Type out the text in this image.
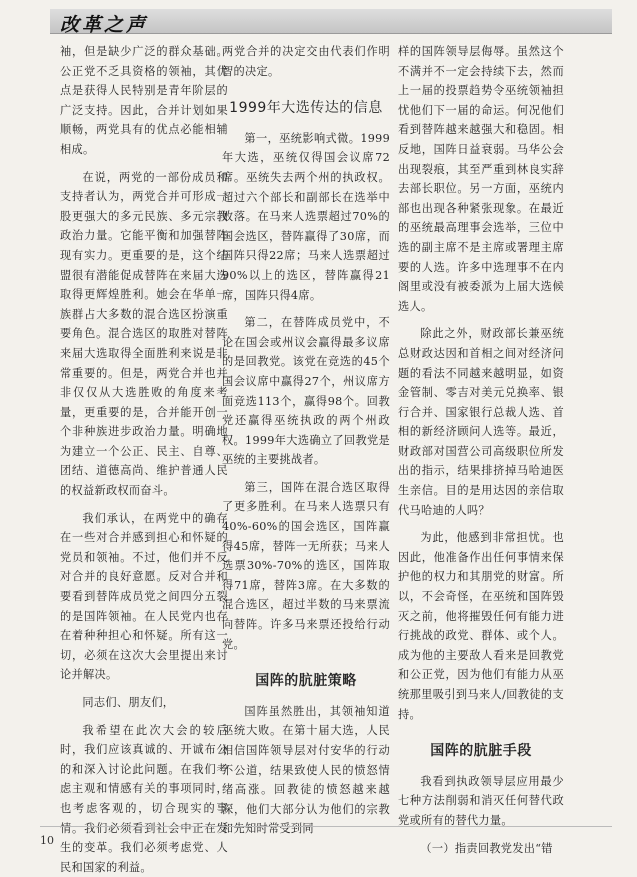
改革之声

袖，但是缺少广泛的群众基础。公正党不乏具资格的领袖，其优点是获得人民特别是青年阶层的广泛支持。因此，合并计划如果顺畅，两党具有的优点必能相辅相成。

在说，两党的一部份成员和支持者认为，两党合并可形成一股更强大的多元民族、多元宗教政治力量。它能平衡和加强替阵现有实力。更重要的是，这个结盟很有潜能促成替阵在来届大选取得更辉煌胜利。她会在华单一族群占大多数的混合选区扮演重要角色。混合选区的取胜对替阵来届大选取得全面胜利来说是非常重要的。但是，两党合并也并非仅仅从大选胜败的角度来考量，更重要的是，合并能开创一个非种族进步政治力量。明确地为建立一个公正、民主、自尊、团结、道德高尚、维护普通人民的权益新政权而奋斗。

我们承认，在两党中的确存在一些对合并感到担心和怀疑的党员和领袖。不过，他们并不反对合并的良好意愿。反对合并和要看到替阵成员党之间四分五裂的是国阵领袖。在人民党内也存在着种种担心和怀疑。所有这一切，必须在这次大会里提出来讨论并解决。

同志们、朋友们，

我希望在此次大会的较后时，我们应该真诚的、开诚布公的和深入讨论此问题。在我们考虑主观和情感有关的事项同时，也考虑客观的，切合现实的事情。我们必须看到社会中正在发生的变革。我们必须考虑党、人民和国家的利益。

两党合并的决定交由代表们作明智的决定。

1999年大选传达的信息

第一，巫统影响式微。1999年大选，巫统仅得国会议席72席。巫统失去两个州的执政权。超过六个部长和副部长在选举中败落。在马来人选票超过70%的国会选区，替阵赢得了30席，而国阵只得22席；马来人选票超过90%以上的选区，替阵赢得21席，国阵只得4席。

第二，在替阵成员党中，不论在国会或州议会赢得最多议席的是回教党。该党在竞选的45个国会议席中赢得27个，州议席方面竞选113个，赢得98个。回教党还赢得巫统执政的两个州政权。1999年大选确立了回教党是巫统的主要挑战者。

第三，国阵在混合选区取得了更多胜利。在马来人选票只有40%-60%的国会选区，国阵赢得45席，替阵一无所获；马来人选票30%-70%的选区，国阵取得71席，替阵3席。在大多数的混合选区，超过半数的马来票流向替阵。许多马来票还投给行动党。

国阵的肮脏策略

国阵虽然胜出，其领袖知道巫统大败。在第十届大选，人民相信国阵领导层对付安华的行动不公道，结果致使人民的愤怒情绪高涨。回教徒的愤怒越来越深，他们大部分认为他们的宗教和先知时常受到同

样的国阵领导层侮辱。虽然这个不满并不一定会持续下去，然而上一届的投票趋势令巫统领袖担忧他们下一届的命运。何况他们看到替阵越来越强大和稳固。相反地，国阵日益衰弱。马华公会出现裂痕，其至严重到林良实辞去部长职位。另一方面，巫统内部也出现各种紧张现象。在最近的巫统最高理事会选举，三位中选的副主席不是主席或署理主席要的人选。许多中选理事不在内阁里或没有被委派为上届大选候选人。

除此之外，财政部长兼巫统总财政达因和首相之间对经济问题的看法不同越来越明显，如资金管制、零吉对美元兑换率、银行合并、国家银行总裁人选、首相的新经济顾问人选等。最近，财政部对国营公司高级职位所发出的指示，结果排挤掉马哈迪医生亲信。目的是用达因的亲信取代马哈迪的人吗？

为此，他感到非常担忧。也因此，他准备作出任何事情来保护他的权力和其朋党的财富。所以，不会奇怪，在巫统和国阵毁灭之前，他将摧毁任何有能力进行挑战的政党、群体、或个人。成为他的主要敌人看来是回教党和公正党，因为他们有能力从巫统那里吸引到马来人/回教徒的支持。

国阵的肮脏手段

我看到执政领导层应用最少七种方法削弱和消灭任何替代政党或所有的替代力量。

（一）指责回教党发出“错

10
